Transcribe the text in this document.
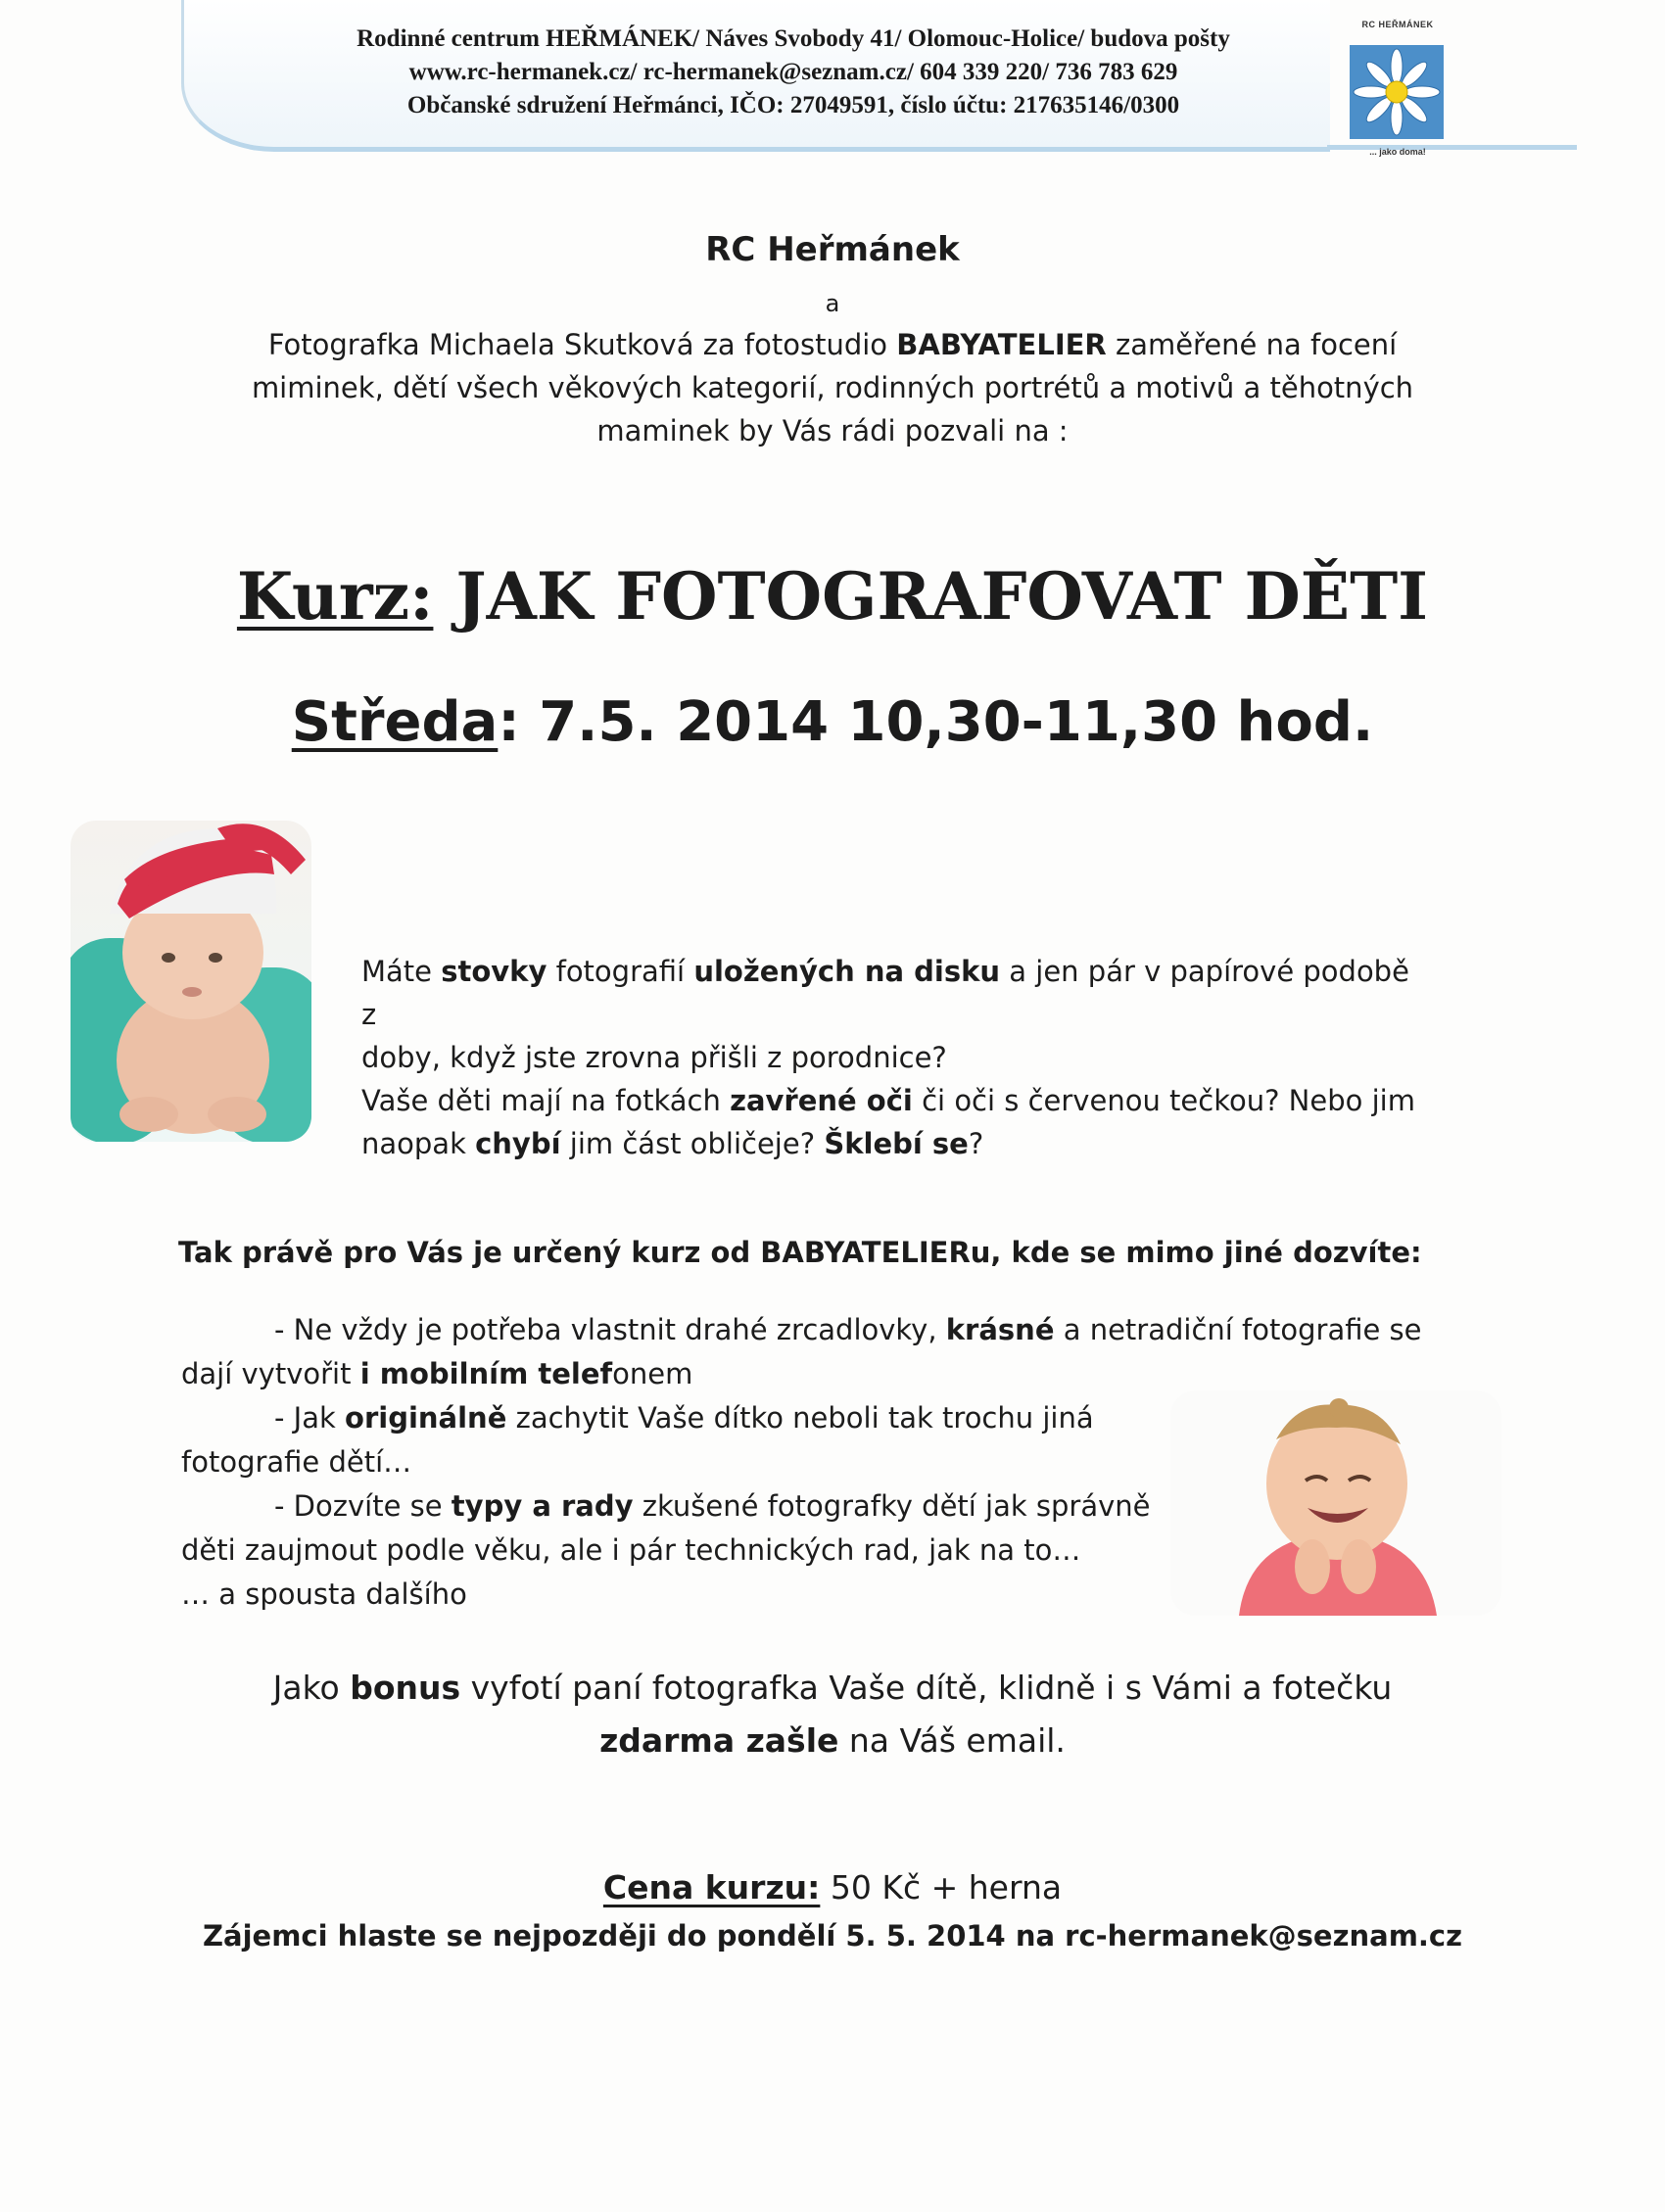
Rodinné centrum HEŘMÁNEK/ Náves Svobody 41/ Olomouc-Holice/ budova pošty
www.rc-hermanek.cz/ rc-hermanek@seznam.cz/ 604 339 220/ 736 783 629
Občanské sdružení Heřmánci, IČO: 27049591, číslo účtu: 217635146/0300
RC HEŘMÁNEK
... jako doma!
RC Heřmánek
a
Fotografka Michaela Skutková za fotostudio BABYATELIER zaměřené na focení
miminek, dětí všech věkových kategorií, rodinných portrétů a motivů a těhotných
maminek by Vás rádi pozvali na :
Kurz: JAK FOTOGRAFOVAT DĚTI
Středa: 7.5. 2014 10,30-11,30 hod.
Máte stovky fotografií uložených na disku a jen pár v papírové podobě z
doby, když jste zrovna přišli z porodnice?
Vaše děti mají na fotkách zavřené oči či oči s červenou tečkou? Nebo jim
naopak chybí jim část obličeje? Šklebí se?
Tak právě pro Vás je určený kurz od BABYATELIERu, kde se mimo jiné dozvíte:
- Ne vždy je potřeba vlastnit drahé zrcadlovky, krásné a netradiční fotografie se
dají vytvořit i mobilním telefonem
- Jak originálně zachytit Vaše dítko neboli tak trochu jiná
fotografie dětí…
- Dozvíte se typy a rady zkušené fotografky dětí jak správně
děti zaujmout podle věku, ale i pár technických rad, jak na to…
… a spousta dalšího
Jako bonus vyfotí paní fotografka Vaše dítě, klidně i s Vámi a fotečku
zdarma zašle na Váš email.
Cena kurzu: 50 Kč + herna
Zájemci hlaste se nejpozději do pondělí 5. 5. 2014 na rc-hermanek@seznam.cz
